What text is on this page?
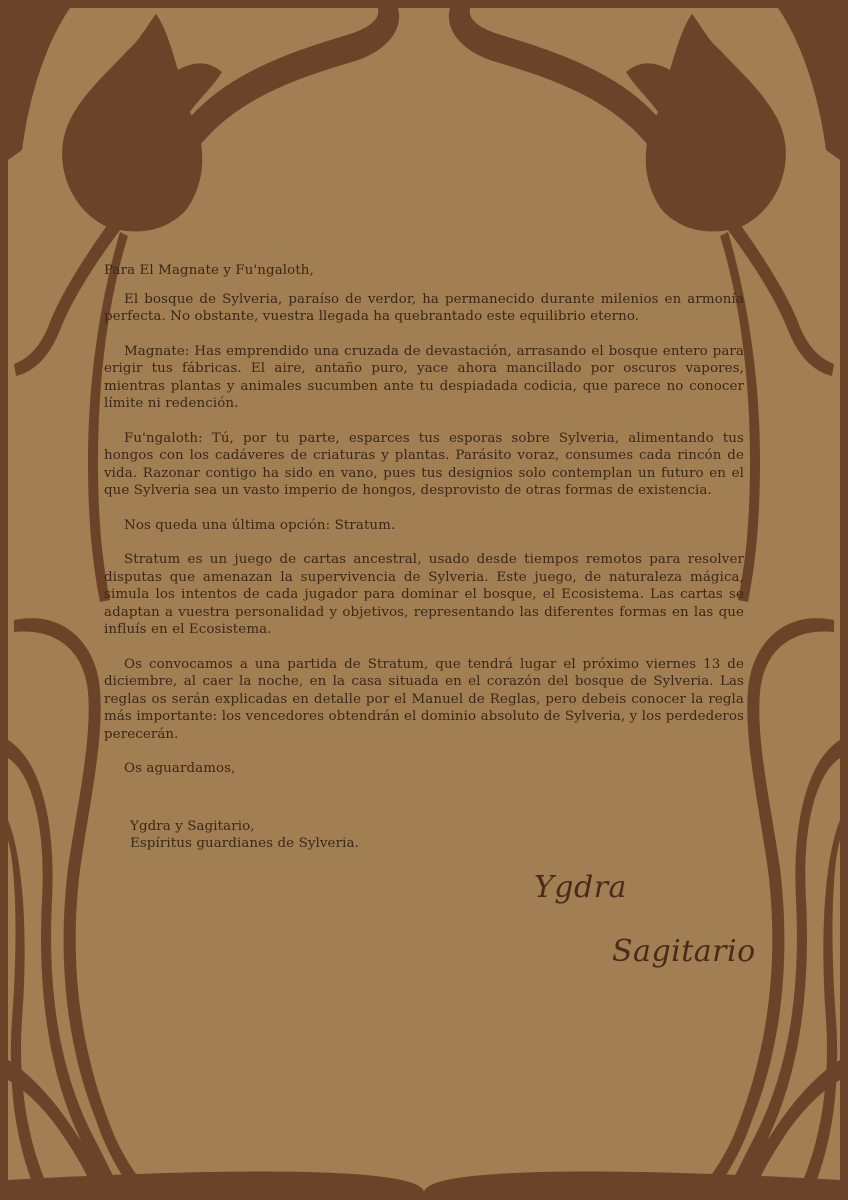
Para El Magnate y Fu'ngaloth,

El bosque de Sylveria, paraíso de verdor, ha permanecido durante milenios en armonía perfecta. No obstante, vuestra llegada ha quebrantado este equilibrio eterno.

Magnate: Has emprendido una cruzada de devastación, arrasando el bosque entero para erigir tus fábricas. El aire, antaño puro, yace ahora mancillado por oscuros vapores, mientras plantas y animales sucumben ante tu despiadada codicia, que parece no conocer límite ni redención.

Fu'ngaloth: Tú, por tu parte, esparces tus esporas sobre Sylveria, alimentando tus hongos con los cadáveres de criaturas y plantas. Parásito voraz, consumes cada rincón de vida. Razonar contigo ha sido en vano, pues tus designios solo contemplan un futuro en el que Sylveria sea un vasto imperio de hongos, desprovisto de otras formas de existencia.

Nos queda una última opción: Stratum.

Stratum es un juego de cartas ancestral, usado desde tiempos remotos para resolver disputas que amenazan la supervivencia de Sylveria. Este juego, de naturaleza mágica, simula los intentos de cada jugador para dominar el bosque, el Ecosistema. Las cartas se adaptan a vuestra personalidad y objetivos, representando las diferentes formas en las que influís en el Ecosistema.

Os convocamos a una partida de Stratum, que tendrá lugar el próximo viernes 13 de diciembre, al caer la noche, en la casa situada en el corazón del bosque de Sylveria. Las reglas os serán explicadas en detalle por el Manuel de Reglas, pero debeis conocer la regla más importante: los vencedores obtendrán el dominio absoluto de Sylveria, y los perdederos perecerán.

Os aguardamos,

Ygdra y Sagitario,
Espíritus guardianes de Sylveria.

Ygdra
Sagitario
